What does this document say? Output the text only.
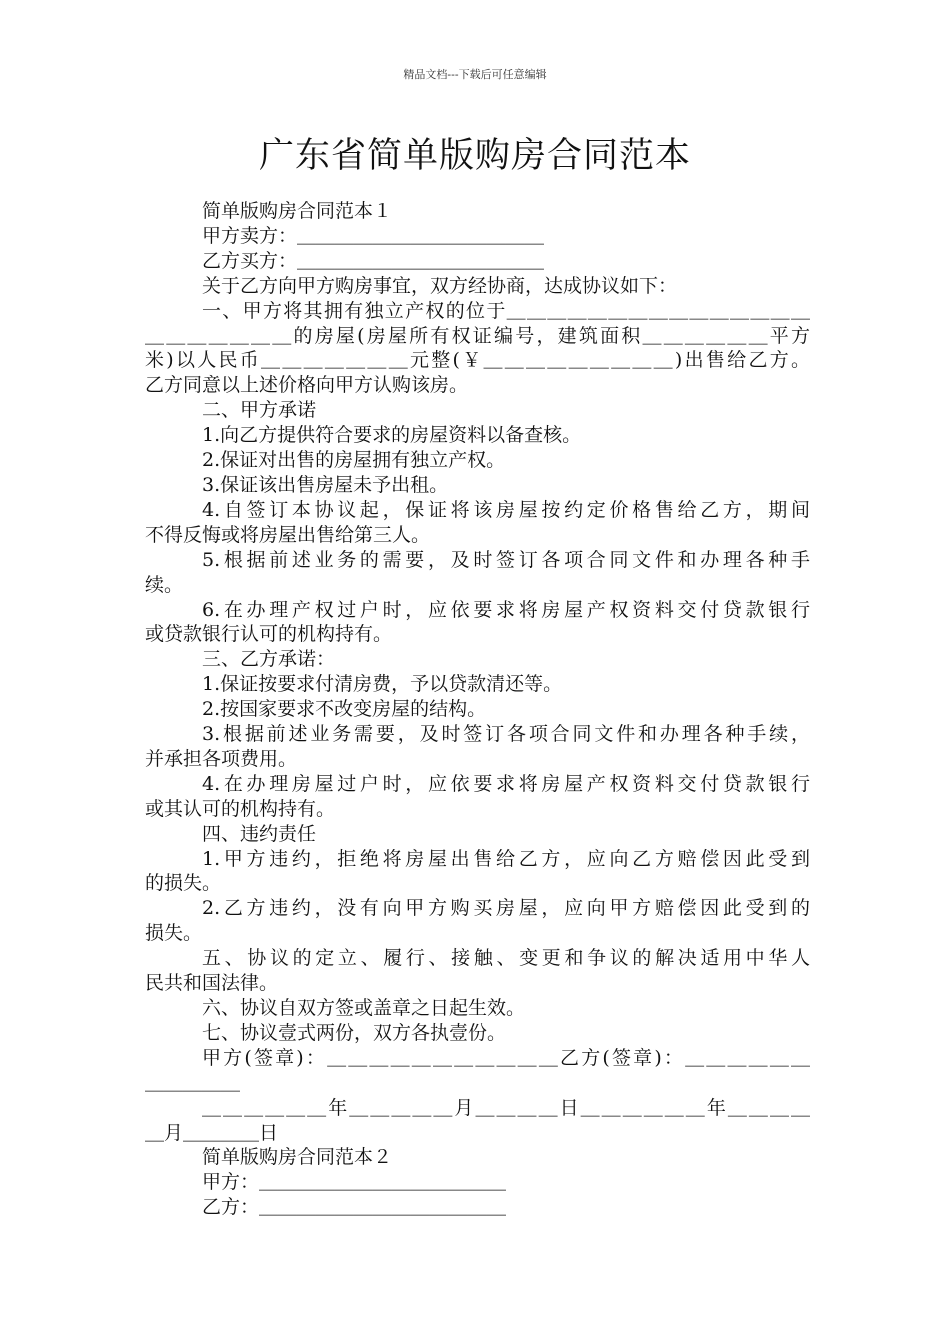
精品文档---下载后可任意编辑
广东省简单版购房合同范本

简单版购房合同范本１

甲方卖方：＿＿＿＿＿＿＿＿＿＿＿＿＿

乙方买方：＿＿＿＿＿＿＿＿＿＿＿＿＿

关于乙方向甲方购房事宜，双方经协商，达成协议如下：

一、甲方将其拥有独立产权的位于＿＿＿＿＿＿＿＿＿＿＿＿＿＿＿

＿＿＿＿＿＿＿的房屋(房屋所有权证编号，建筑面积＿＿＿＿＿＿平方

米)以人民币＿＿＿＿＿＿＿元整(￥＿＿＿＿＿＿＿＿＿)出售给乙方。

乙方同意以上述价格向甲方认购该房。

二、甲方承诺

1.向乙方提供符合要求的房屋资料以备查核。

2.保证对出售的房屋拥有独立产权。

3.保证该出售房屋未予出租。

4.自签订本协议起，保证将该房屋按约定价格售给乙方，期间

不得反悔或将房屋出售给第三人。

5.根据前述业务的需要，及时签订各项合同文件和办理各种手

续。

6.在办理产权过户时，应依要求将房屋产权资料交付贷款银行

或贷款银行认可的机构持有。

三、乙方承诺：

1.保证按要求付清房费，予以贷款清还等。

2.按国家要求不改变房屋的结构。

3.根据前述业务需要，及时签订各项合同文件和办理各种手续，

并承担各项费用。

4.在办理房屋过户时，应依要求将房屋产权资料交付贷款银行

或其认可的机构持有。

四、违约责任

1.甲方违约，拒绝将房屋出售给乙方，应向乙方赔偿因此受到

的损失。

2.乙方违约，没有向甲方购买房屋，应向甲方赔偿因此受到的

损失。

五、协议的定立、履行、接触、变更和争议的解决适用中华人

民共和国法律。

六、协议自双方签或盖章之日起生效。

七、协议壹式两份，双方各执壹份。

甲方(签章)：＿＿＿＿＿＿＿＿＿＿＿乙方(签章)：＿＿＿＿＿＿

＿＿＿＿＿

＿＿＿＿＿＿年＿＿＿＿＿月＿＿＿＿日＿＿＿＿＿＿年＿＿＿＿

＿月＿＿＿＿日

简单版购房合同范本２

甲方：＿＿＿＿＿＿＿＿＿＿＿＿＿

乙方：＿＿＿＿＿＿＿＿＿＿＿＿＿
